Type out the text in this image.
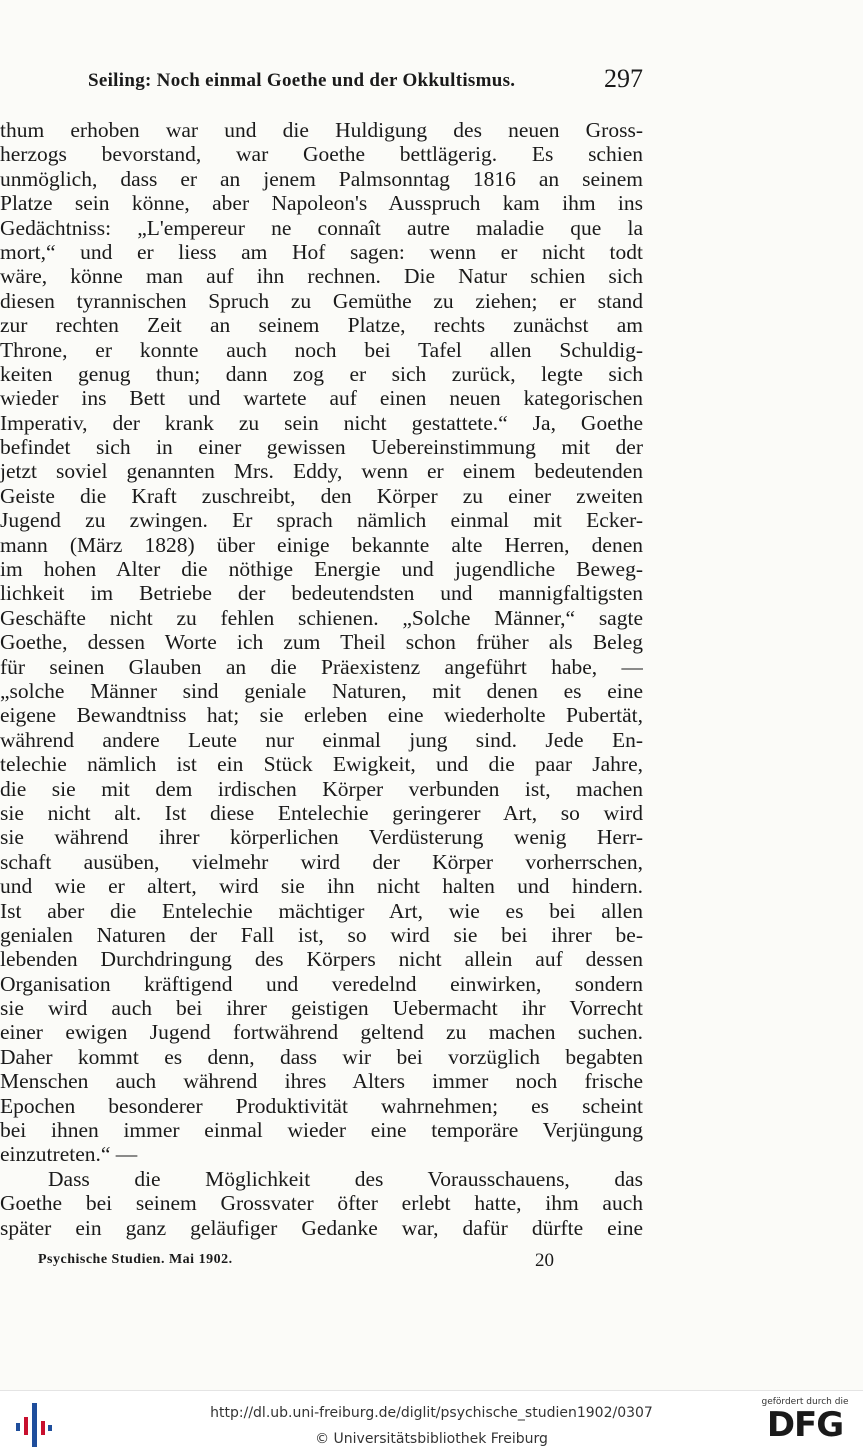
Seiling: Noch einmal Goethe und der Okkultismus.	297
thum erhoben war und die Huldigung des neuen Gross-
herzogs bevorstand, war Goethe bettlägerig. Es schien
unmöglich, dass er an jenem Palmsonntag 1816 an seinem
Platze sein könne, aber Napoleon's Ausspruch kam ihm ins
Gedächtniss: „L'empereur ne connaît autre maladie que la
mort,“ und er liess am Hof sagen: wenn er nicht todt
wäre, könne man auf ihn rechnen. Die Natur schien sich
diesen tyrannischen Spruch zu Gemüthe zu ziehen; er stand
zur rechten Zeit an seinem Platze, rechts zunächst am
Throne, er konnte auch noch bei Tafel allen Schuldig-
keiten genug thun; dann zog er sich zurück, legte sich
wieder ins Bett und wartete auf einen neuen kategorischen
Imperativ, der krank zu sein nicht gestattete.“ Ja, Goethe
befindet sich in einer gewissen Uebereinstimmung mit der
jetzt soviel genannten Mrs. Eddy, wenn er einem bedeutenden
Geiste die Kraft zuschreibt, den Körper zu einer zweiten
Jugend zu zwingen. Er sprach nämlich einmal mit Ecker-
mann (März 1828) über einige bekannte alte Herren, denen
im hohen Alter die nöthige Energie und jugendliche Beweg-
lichkeit im Betriebe der bedeutendsten und mannigfaltigsten
Geschäfte nicht zu fehlen schienen. „Solche Männer,“ sagte
Goethe, dessen Worte ich zum Theil schon früher als Beleg
für seinen Glauben an die Präexistenz angeführt habe, —
„solche Männer sind geniale Naturen, mit denen es eine
eigene Bewandtniss hat; sie erleben eine wiederholte Pubertät,
während andere Leute nur einmal jung sind. Jede En-
telechie nämlich ist ein Stück Ewigkeit, und die paar Jahre,
die sie mit dem irdischen Körper verbunden ist, machen
sie nicht alt. Ist diese Entelechie geringerer Art, so wird
sie während ihrer körperlichen Verdüsterung wenig Herr-
schaft ausüben, vielmehr wird der Körper vorherrschen,
und wie er altert, wird sie ihn nicht halten und hindern.
Ist aber die Entelechie mächtiger Art, wie es bei allen
genialen Naturen der Fall ist, so wird sie bei ihrer be-
lebenden Durchdringung des Körpers nicht allein auf dessen
Organisation kräftigend und veredelnd einwirken, sondern
sie wird auch bei ihrer geistigen Uebermacht ihr Vorrecht
einer ewigen Jugend fortwährend geltend zu machen suchen.
Daher kommt es denn, dass wir bei vorzüglich begabten
Menschen auch während ihres Alters immer noch frische
Epochen besonderer Produktivität wahrnehmen; es scheint
bei ihnen immer einmal wieder eine temporäre Verjüngung
einzutreten.“ —
Dass die Möglichkeit des Vorausschauens, das
Goethe bei seinem Grossvater öfter erlebt hatte, ihm auch
später ein ganz geläufiger Gedanke war, dafür dürfte eine
Psychische Studien. Mai 1902.	20
http://dl.ub.uni-freiburg.de/diglit/psychische_studien1902/0307
© Universitätsbibliothek Freiburg
gefördert durch die
DFG
